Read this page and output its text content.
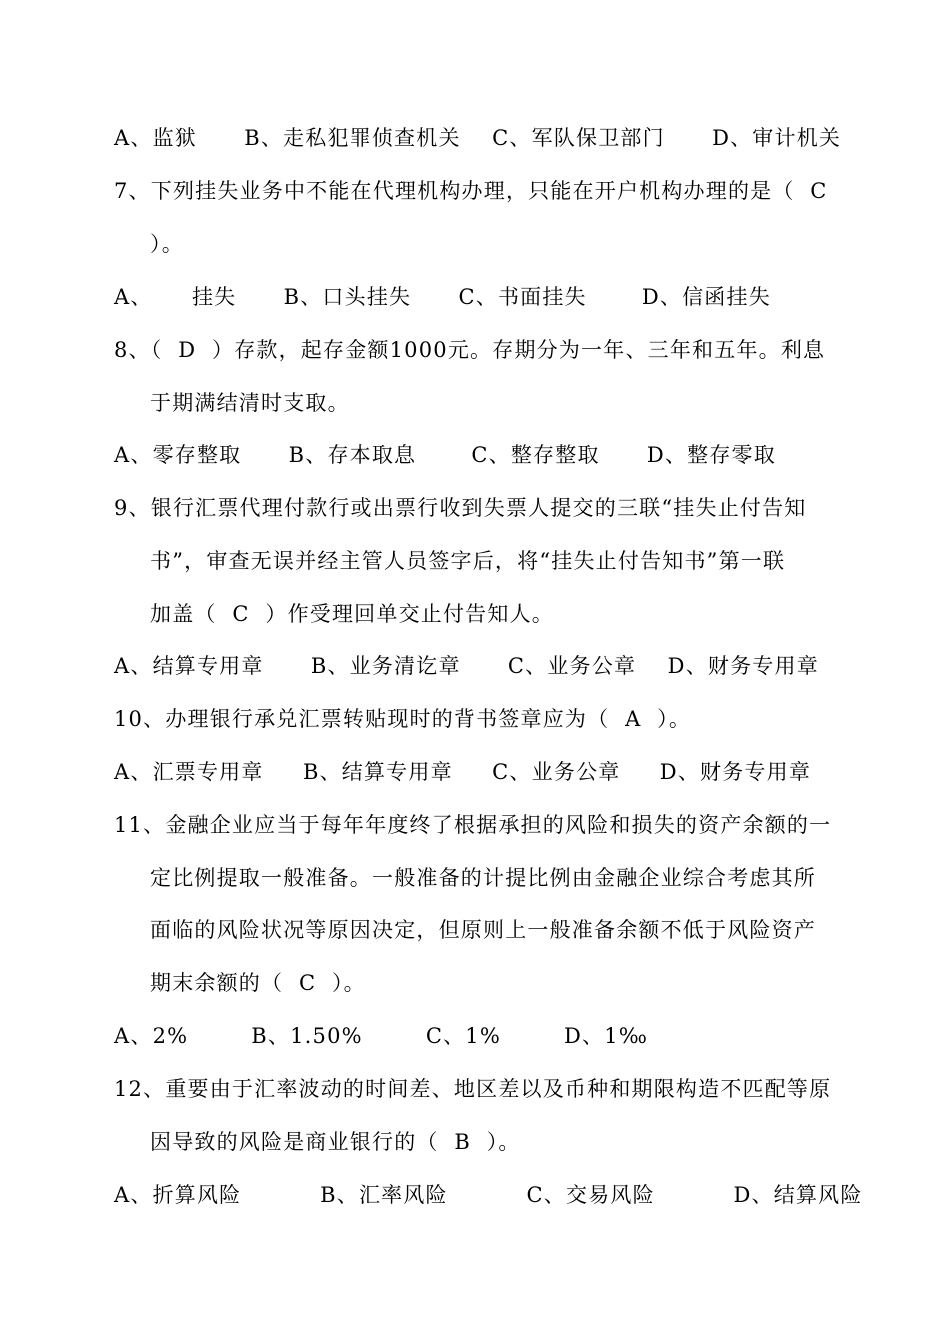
A、监狱      B、走私犯罪侦查机关    C、军队保卫部门      D、审计机关
7、下列挂失业务中不能在代理机构办理，只能在开户机构办理的是（  C
）。
A、     挂失      B、口头挂失      C、书面挂失       D、信函挂失
8、（  D  ）存款，起存金额1000元。存期分为一年、三年和五年。利息
于期满结清时支取。
A、零存整取      B、存本取息       C、整存整取      D、整存零取
9、银行汇票代理付款行或出票行收到失票人提交的三联“挂失止付告知
书”，审查无误并经主管人员签字后，将“挂失止付告知书”第一联
加盖（  C  ）作受理回单交止付告知人。
A、结算专用章      B、业务清讫章      C、业务公章    D、财务专用章
10、办理银行承兑汇票转贴现时的背书签章应为（  A  ）。
A、汇票专用章     B、结算专用章     C、业务公章     D、财务专用章
11、金融企业应当于每年年度终了根据承担的风险和损失的资产余额的一
定比例提取一般准备。一般准备的计提比例由金融企业综合考虑其所
面临的风险状况等原因决定，但原则上一般准备余额不低于风险资产
期末余额的（  C  ）。
A、2%        B、1.50%        C、1%        D、1‰
12、重要由于汇率波动的时间差、地区差以及币种和期限构造不匹配等原
因导致的风险是商业银行的（  B  ）。
A、折算风险          B、汇率风险          C、交易风险          D、结算风险
